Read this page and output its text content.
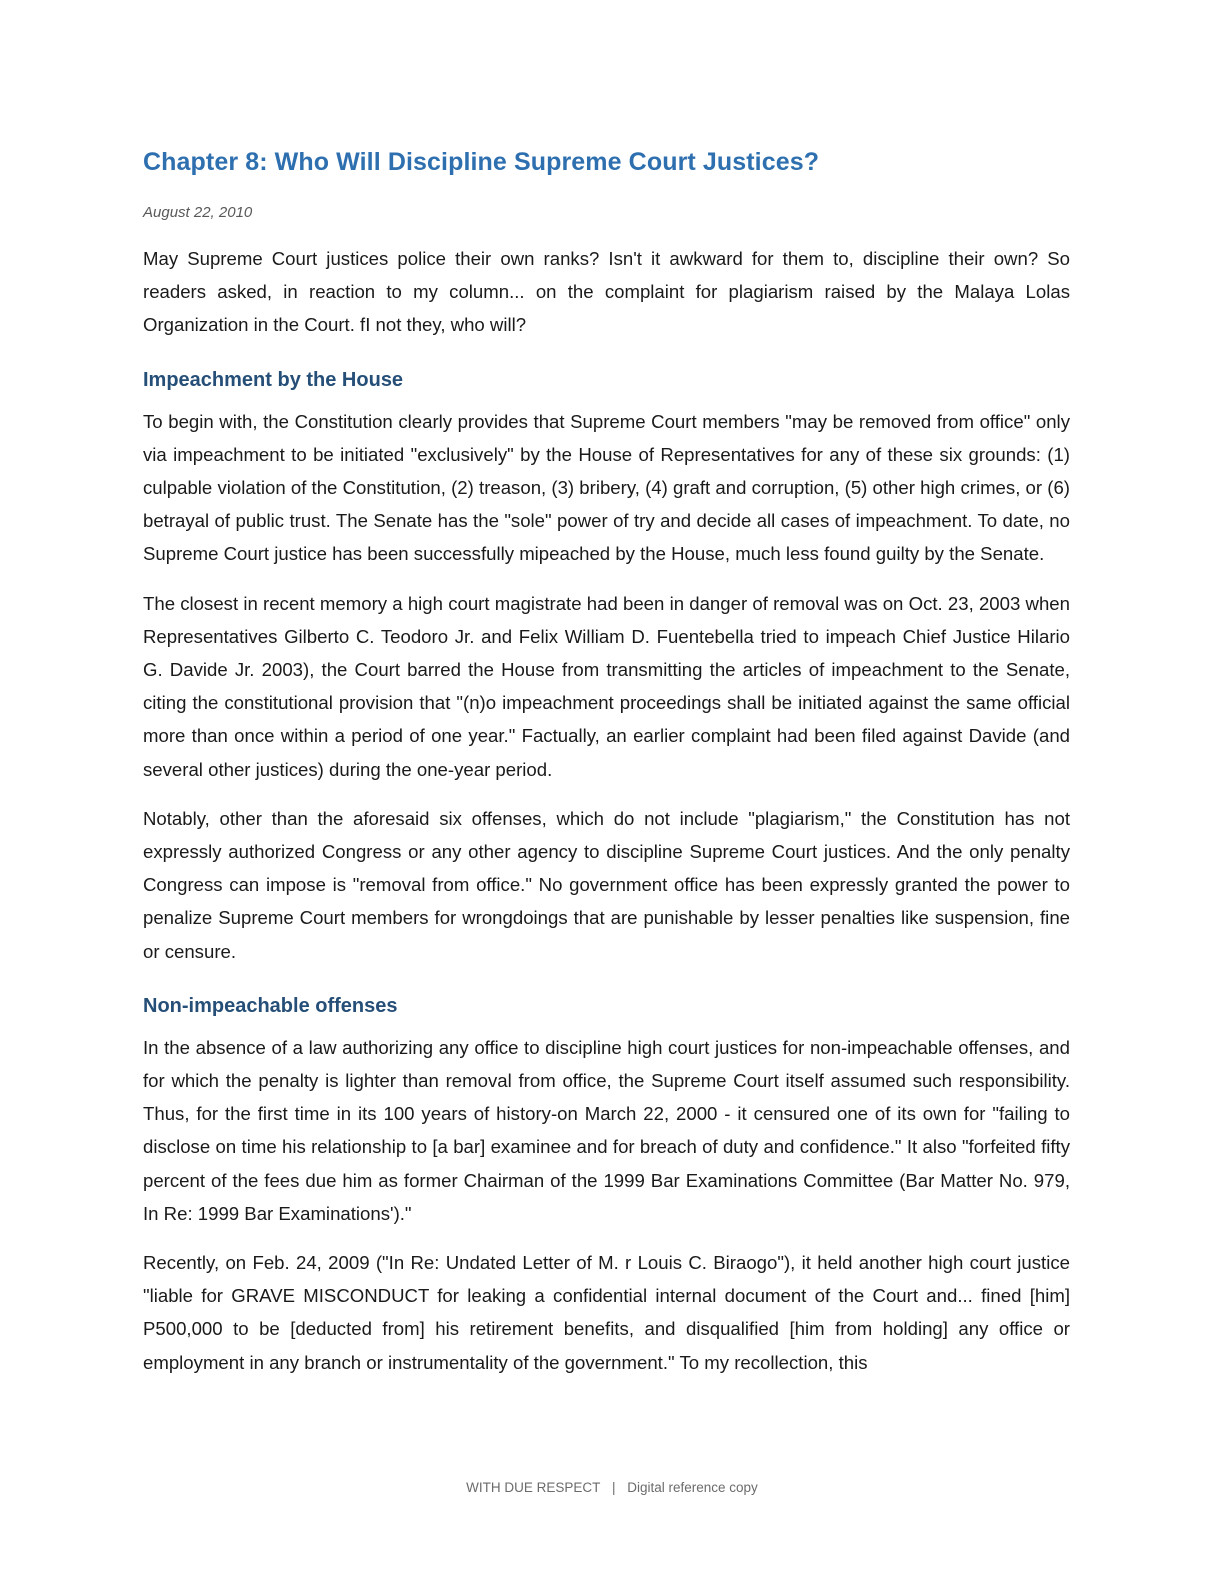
Chapter 8: Who Will Discipline Supreme Court Justices?
August 22, 2010

May Supreme Court justices police their own ranks? Isn't it awkward for them to, discipline their own? So readers asked, in reaction to my column... on the complaint for plagiarism raised by the Malaya Lolas Organization in the Court. fI not they, who will?

Impeachment by the House

To begin with, the Constitution clearly provides that Supreme Court members "may be removed from office" only via impeachment to be initiated "exclusively" by the House of Representatives for any of these six grounds: (1) culpable violation of the Constitution, (2) treason, (3) bribery, (4) graft and corruption, (5) other high crimes, or (6) betrayal of public trust. The Senate has the "sole" power of try and decide all cases of impeachment. To date, no Supreme Court justice has been successfully mipeached by the House, much less found guilty by the Senate.

The closest in recent memory a high court magistrate had been in danger of removal was on Oct. 23, 2003 when Representatives Gilberto C. Teodoro Jr. and Felix William D. Fuentebella tried to impeach Chief Justice Hilario G. Davide Jr. 2003), the Court barred the House from transmitting the articles of impeachment to the Senate, citing the constitutional provision that "(n)o impeachment proceedings shall be initiated against the same official more than once within a period of one year." Factually, an earlier complaint had been filed against Davide (and several other justices) during the one-year period.

Notably, other than the aforesaid six offenses, which do not include "plagiarism," the Constitution has not expressly authorized Congress or any other agency to discipline Supreme Court justices. And the only penalty Congress can impose is "removal from office." No government office has been expressly granted the power to penalize Supreme Court members for wrongdoings that are punishable by lesser penalties like suspension, fine or censure.

Non-impeachable offenses

In the absence of a law authorizing any office to discipline high court justices for non-impeachable offenses, and for which the penalty is lighter than removal from office, the Supreme Court itself assumed such responsibility. Thus, for the first time in its 100 years of history-on March 22, 2000 - it censured one of its own for "failing to disclose on time his relationship to [a bar] examinee and for breach of duty and confidence." It also "forfeited fifty percent of the fees due him as former Chairman of the 1999 Bar Examinations Committee (Bar Matter No. 979, In Re: 1999 Bar Examinations')."

Recently, on Feb. 24, 2009 ("In Re: Undated Letter of M. r Louis C. Biraogo"), it held another high court justice "liable for GRAVE MISCONDUCT for leaking a confidential internal document of the Court and... fined [him] P500,000 to be [deducted from] his retirement benefits, and disqualified [him from holding] any office or employment in any branch or instrumentality of the government." To my recollection, this

WITH DUE RESPECT | Digital reference copy
